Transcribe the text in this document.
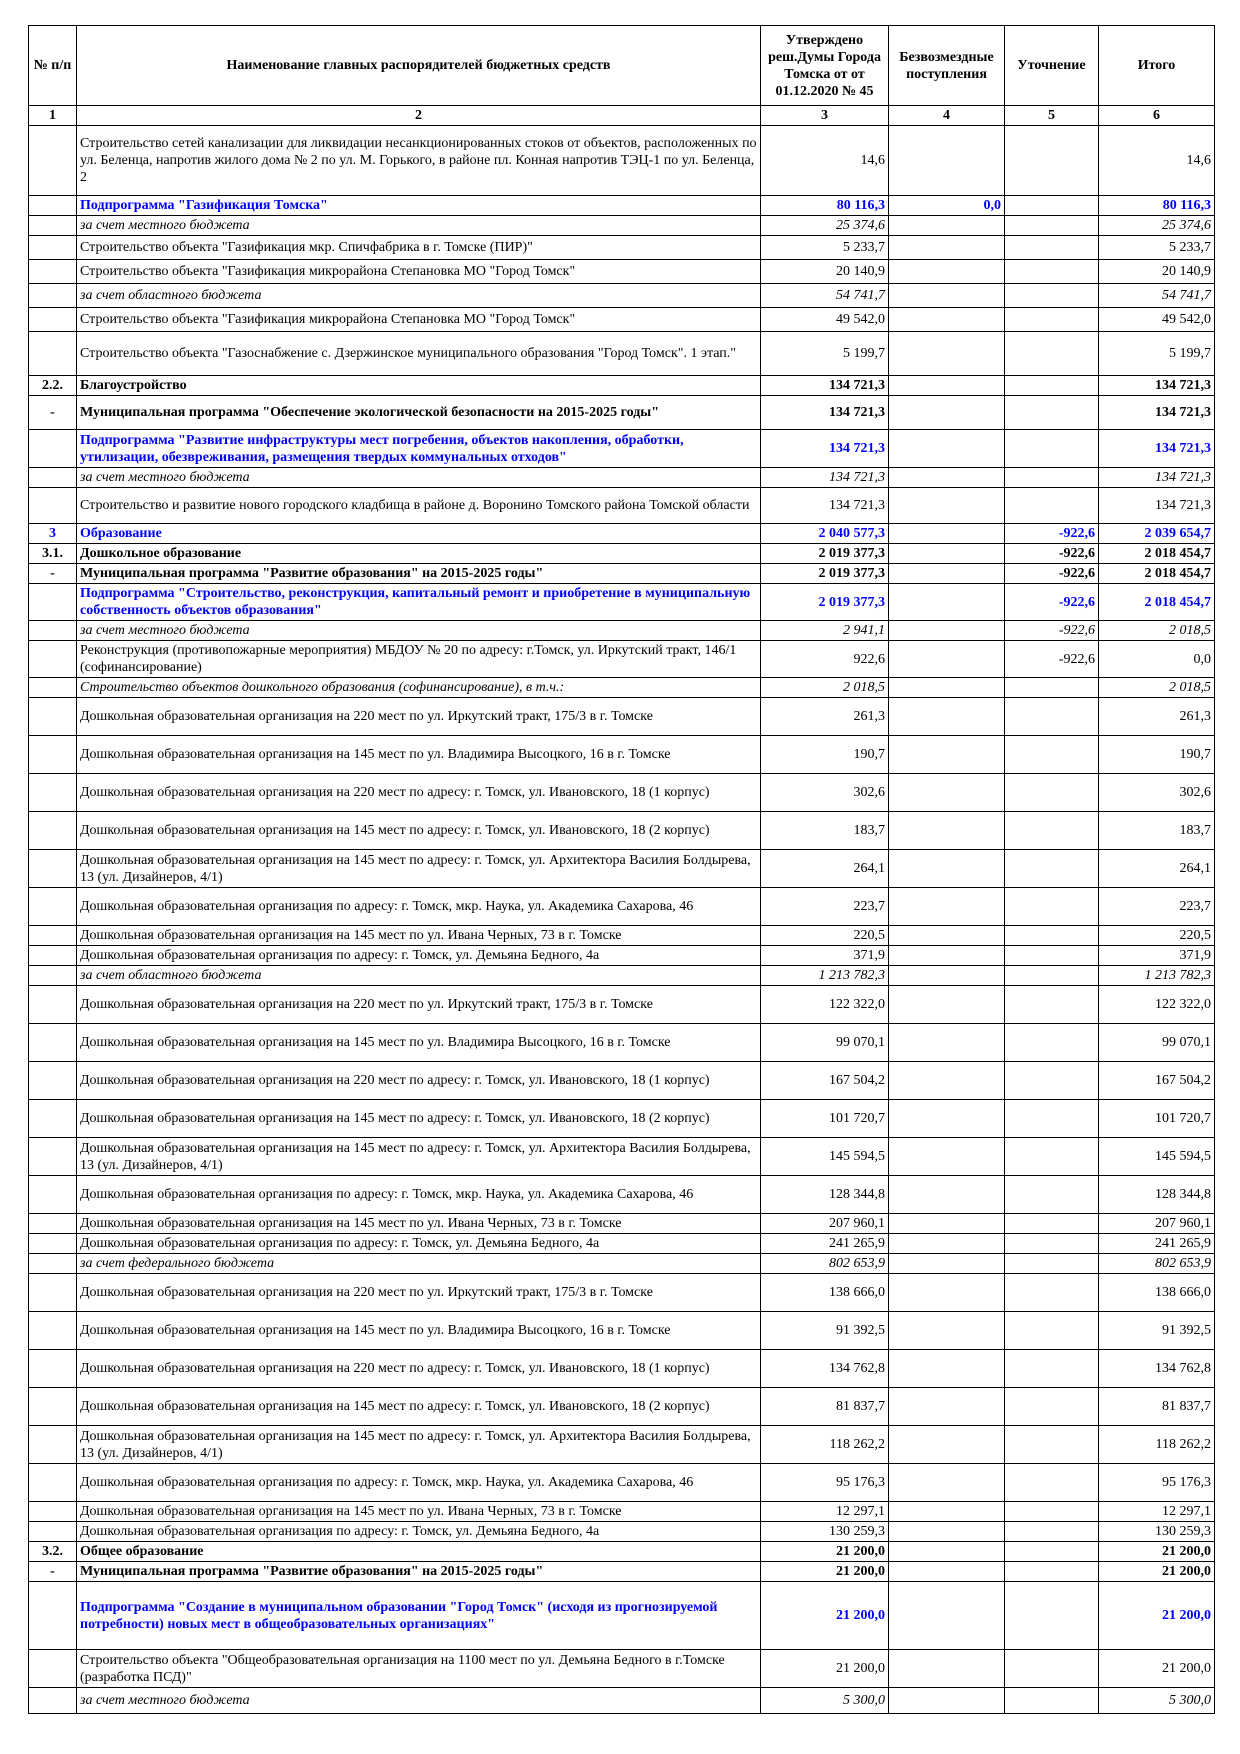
№ п/п	Наименование главных распорядителей бюджетных средств	Утверждено реш.Думы Города Томска от от 01.12.2020 № 45	Безвозмездные поступления	Уточнение	Итого
1	2	3	4	5	6
	Строительство сетей канализации для ликвидации несанкционированных стоков от объектов, расположенных по ул. Беленца, напротив жилого дома № 2 по ул. М. Горького, в районе пл. Конная напротив ТЭЦ-1 по ул. Беленца, 2	14,6			14,6
	Подпрограмма "Газификация Томска"	80 116,3	0,0		80 116,3
	за счет местного бюджета	25 374,6			25 374,6
	Строительство объекта "Газификация мкр. Спичфабрика в г. Томске (ПИР)"	5 233,7			5 233,7
	Строительство объекта "Газификация микрорайона Степановка МО "Город Томск"	20 140,9			20 140,9
	за счет областного бюджета	54 741,7			54 741,7
	Строительство объекта "Газификация микрорайона Степановка МО "Город Томск"	49 542,0			49 542,0
	Строительство объекта "Газоснабжение с. Дзержинское муниципального образования "Город Томск". 1 этап."	5 199,7			5 199,7
2.2.	Благоустройство	134 721,3			134 721,3
-	Муниципальная программа "Обеспечение экологической безопасности на 2015-2025 годы"	134 721,3			134 721,3
	Подпрограмма "Развитие инфраструктуры мест погребения, объектов накопления, обработки, утилизации, обезвреживания, размещения твердых коммунальных отходов"	134 721,3			134 721,3
	за счет местного бюджета	134 721,3			134 721,3
	Строительство и развитие нового городского кладбища в районе д. Воронино Томского района Томской области	134 721,3			134 721,3
3	Образование	2 040 577,3		-922,6	2 039 654,7
3.1.	Дошкольное образование	2 019 377,3		-922,6	2 018 454,7
-	Муниципальная программа "Развитие образования" на 2015-2025 годы"	2 019 377,3		-922,6	2 018 454,7
	Подпрограмма "Строительство, реконструкция, капитальный ремонт и приобретение в муниципальную собственность объектов образования"	2 019 377,3		-922,6	2 018 454,7
	за счет местного бюджета	2 941,1		-922,6	2 018,5
	Реконструкция (противопожарные мероприятия) МБДОУ № 20 по адресу: г.Томск, ул. Иркутский тракт, 146/1 (софинансирование)	922,6		-922,6	0,0
	Строительство объектов дошкольного образования (софинансирование), в т.ч.:	2 018,5			2 018,5
	Дошкольная образовательная организация на 220 мест по ул. Иркутский тракт, 175/3 в г. Томске	261,3			261,3
	Дошкольная образовательная организация на 145 мест по ул. Владимира Высоцкого, 16 в г. Томске	190,7			190,7
	Дошкольная образовательная организация на 220 мест по адресу: г. Томск, ул. Ивановского, 18 (1 корпус)	302,6			302,6
	Дошкольная образовательная организация на 145 мест по адресу: г. Томск, ул. Ивановского, 18 (2 корпус)	183,7			183,7
	Дошкольная образовательная организация на 145 мест по адресу: г. Томск, ул. Архитектора Василия Болдырева, 13 (ул. Дизайнеров, 4/1)	264,1			264,1
	Дошкольная образовательная организация по адресу: г. Томск, мкр. Наука, ул. Академика Сахарова, 46	223,7			223,7
	Дошкольная образовательная организация на 145 мест по ул. Ивана Черных, 73 в г. Томске	220,5			220,5
	Дошкольная образовательная организация по адресу: г. Томск, ул. Демьяна Бедного, 4а	371,9			371,9
	за счет областного бюджета	1 213 782,3			1 213 782,3
	Дошкольная образовательная организация на 220 мест по ул. Иркутский тракт, 175/3 в г. Томске	122 322,0			122 322,0
	Дошкольная образовательная организация на 145 мест по ул. Владимира Высоцкого, 16 в г. Томске	99 070,1			99 070,1
	Дошкольная образовательная организация на 220 мест по адресу: г. Томск, ул. Ивановского, 18 (1 корпус)	167 504,2			167 504,2
	Дошкольная образовательная организация на 145 мест по адресу: г. Томск, ул. Ивановского, 18 (2 корпус)	101 720,7			101 720,7
	Дошкольная образовательная организация на 145 мест по адресу: г. Томск, ул. Архитектора Василия Болдырева, 13 (ул. Дизайнеров, 4/1)	145 594,5			145 594,5
	Дошкольная образовательная организация по адресу: г. Томск, мкр. Наука, ул. Академика Сахарова, 46	128 344,8			128 344,8
	Дошкольная образовательная организация на 145 мест по ул. Ивана Черных, 73 в г. Томске	207 960,1			207 960,1
	Дошкольная образовательная организация по адресу: г. Томск, ул. Демьяна Бедного, 4а	241 265,9			241 265,9
	за счет федерального бюджета	802 653,9			802 653,9
	Дошкольная образовательная организация на 220 мест по ул. Иркутский тракт, 175/3 в г. Томске	138 666,0			138 666,0
	Дошкольная образовательная организация на 145 мест по ул. Владимира Высоцкого, 16 в г. Томске	91 392,5			91 392,5
	Дошкольная образовательная организация на 220 мест по адресу: г. Томск, ул. Ивановского, 18 (1 корпус)	134 762,8			134 762,8
	Дошкольная образовательная организация на 145 мест по адресу: г. Томск, ул. Ивановского, 18 (2 корпус)	81 837,7			81 837,7
	Дошкольная образовательная организация на 145 мест по адресу: г. Томск, ул. Архитектора Василия Болдырева, 13 (ул. Дизайнеров, 4/1)	118 262,2			118 262,2
	Дошкольная образовательная организация по адресу: г. Томск, мкр. Наука, ул. Академика Сахарова, 46	95 176,3			95 176,3
	Дошкольная образовательная организация на 145 мест по ул. Ивана Черных, 73 в г. Томске	12 297,1			12 297,1
	Дошкольная образовательная организация по адресу: г. Томск, ул. Демьяна Бедного, 4а	130 259,3			130 259,3
3.2.	Общее образование	21 200,0			21 200,0
-	Муниципальная программа "Развитие образования" на 2015-2025 годы"	21 200,0			21 200,0
	Подпрограмма "Создание в муниципальном образовании "Город Томск" (исходя из прогнозируемой потребности) новых мест в общеобразовательных организациях"	21 200,0			21 200,0
	Строительство объекта "Общеобразовательная организация на 1100 мест по ул. Демьяна Бедного в г.Томске (разработка ПСД)"	21 200,0			21 200,0
	за счет местного бюджета	5 300,0			5 300,0
